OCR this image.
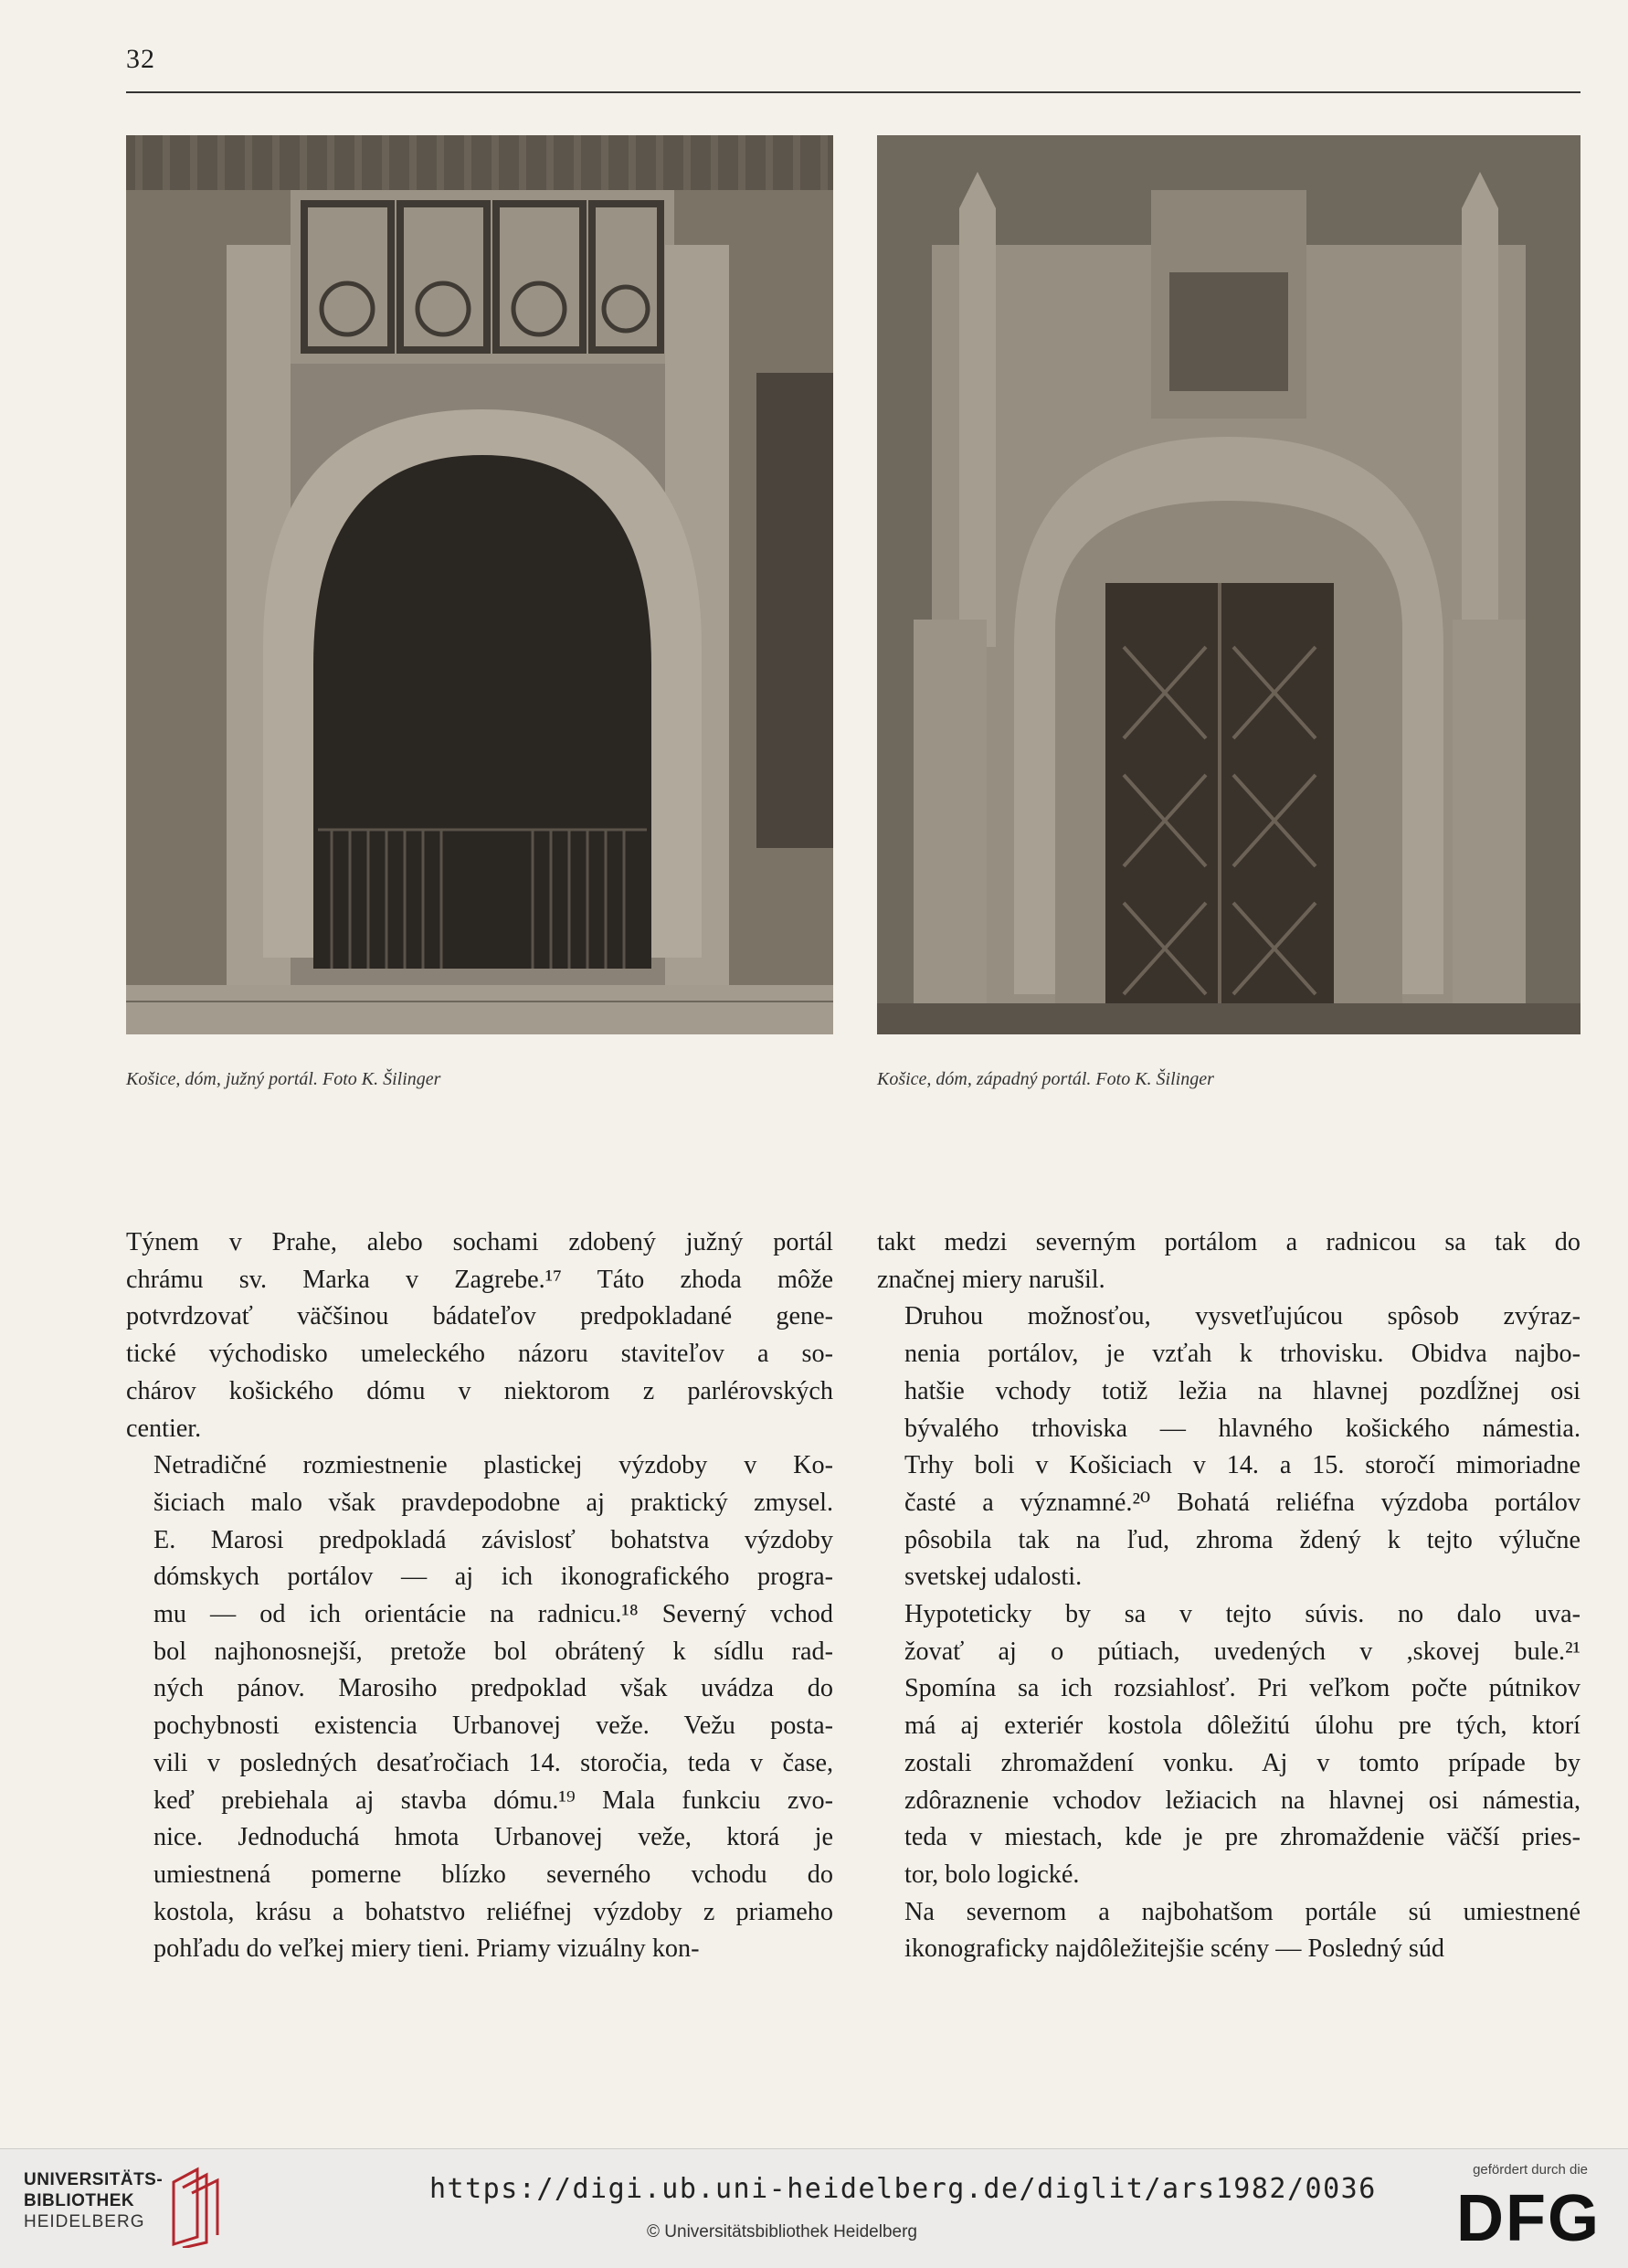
32
Košice, dóm, južný portál. Foto K. Šilinger	Košice, dóm, západný portál. Foto K. Šilinger

Týnem v Prahe, alebo sochami zdobený južný portál
chrámu sv. Marka v Zagrebe.¹⁷ Táto zhoda môže
potvrdzovať väčšinou bádateľov predpokladané gene-
tické východisko umeleckého názoru staviteľov a so-
chárov košického dómu v niektorom z parlérovských
centier.

Netradičné rozmiestnenie plastickej výzdoby v Ko-
šiciach malo však pravdepodobne aj praktický zmysel.
E. Marosi predpokladá závislosť bohatstva výzdoby
dómskych portálov — aj ich ikonografického progra-
mu — od ich orientácie na radnicu.¹⁸ Severný vchod
bol najhonosnejší, pretože bol obrátený k sídlu rad-
ných pánov. Marosiho predpoklad však uvádza do
pochybnosti existencia Urbanovej veže. Vežu posta-
vili v posledných desaťročiach 14. storočia, teda v čase,
keď prebiehala aj stavba dómu.¹⁹ Mala funkciu zvo-
nice. Jednoduchá hmota Urbanovej veže, ktorá je
umiestnená pomerne blízko severného vchodu do
kostola, krásu a bohatstvo reliéfnej výzdoby z priameho
pohľadu do veľkej miery tieni. Priamy vizuálny kon-

takt medzi severným portálom a radnicou sa tak do
značnej miery narušil.

Druhou možnosťou, vysvetľujúcou spôsob zvýraz-
nenia portálov, je vzťah k trhovisku. Obidva najbo-
hatšie vchody totiž ležia na hlavnej pozdĺžnej osi
bývalého trhoviska — hlavného košického námestia.
Trhy boli v Košiciach v 14. a 15. storočí mimoriadne
časté a významné.²⁰ Bohatá reliéfna výzdoba portálov
pôsobila tak na ľud, zhroma ždený k tejto výlučne
svetskej udalosti.

Hypoteticky by sa v tejto súvis. no dalo uva-
žovať aj o pútiach, uvedených v ,skovej bule.²¹
Spomína sa ich rozsiahlosť. Pri veľkom počte pútnikov
má aj exteriér kostola dôležitú úlohu pre tých, ktorí
zostali zhromaždení vonku. Aj v tomto prípade by
zdôraznenie vchodov ležiacich na hlavnej osi námestia,
teda v miestach, kde je pre zhromaždenie väčší pries-
tor, bolo logické.

Na severnom a najbohatšom portále sú umiestnené
ikonograficky najdôležitejšie scény — Posledný súd

UNIVERSITÄTS-
BIBLIOTHEK
HEIDELBERG
https://digi.ub.uni-heidelberg.de/diglit/ars1982/0036
© Universitätsbibliothek Heidelberg
gefördert durch die
DFG
